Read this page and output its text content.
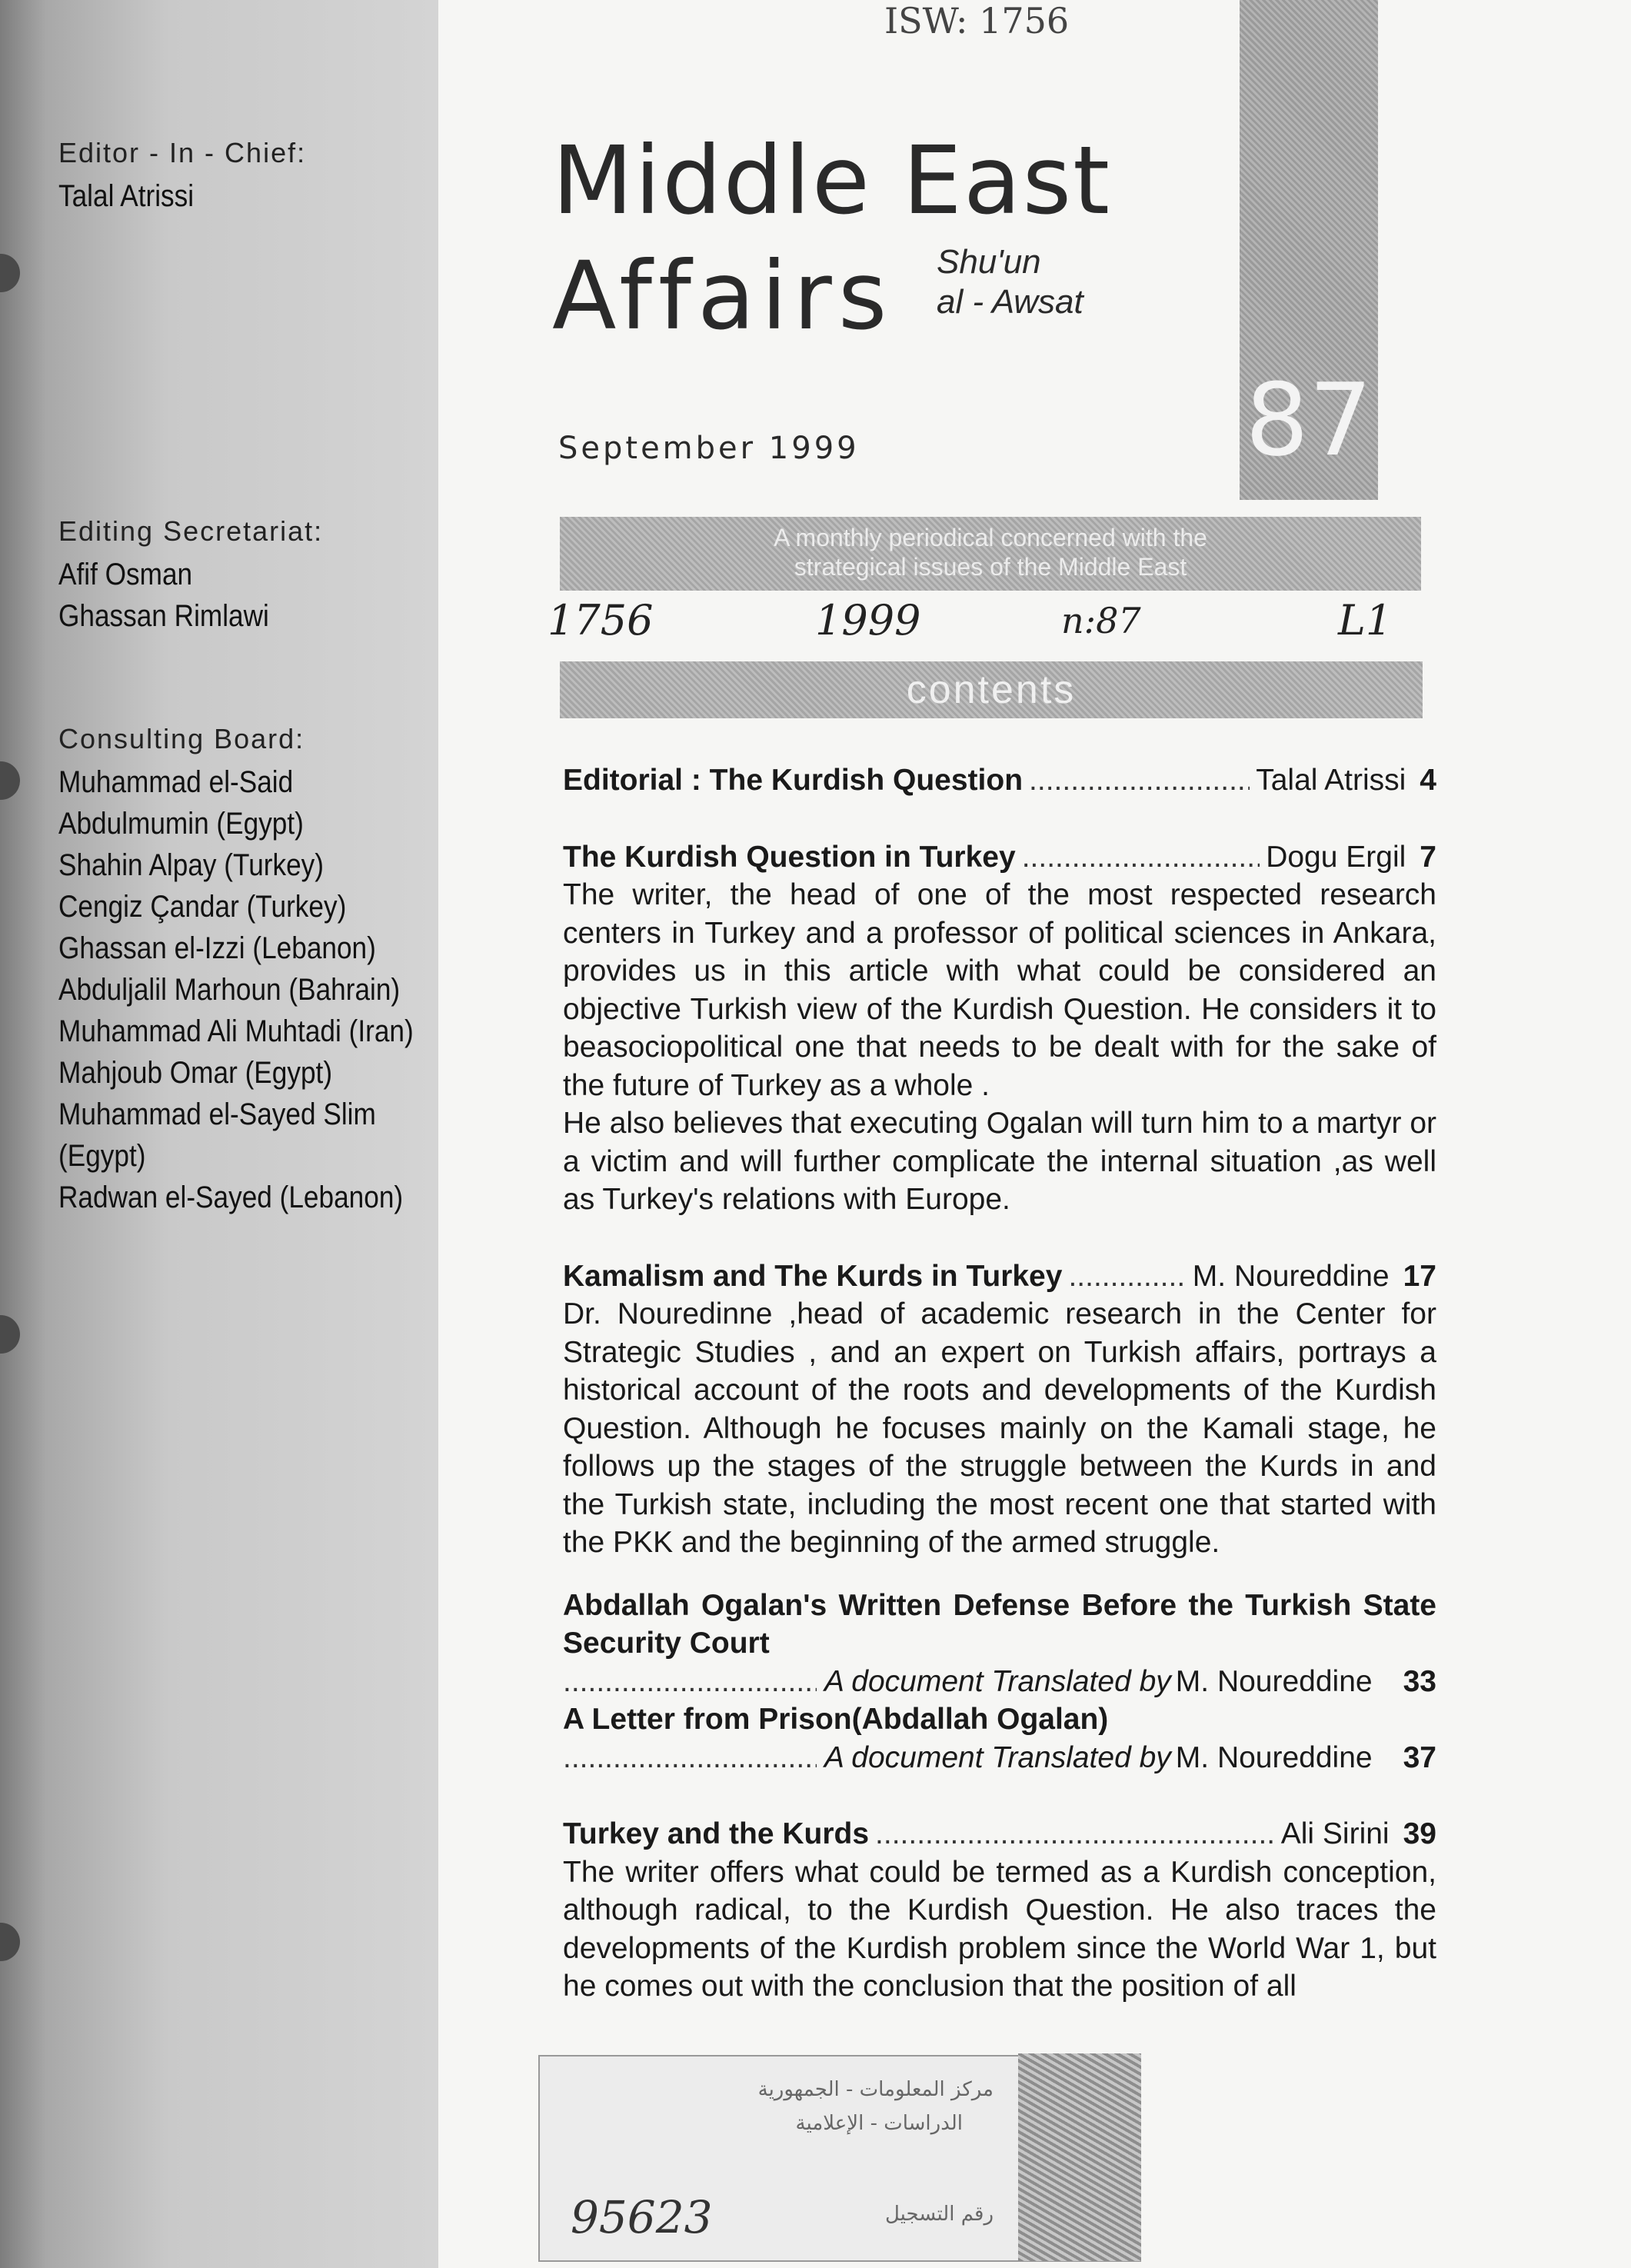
Editor - In - Chief:
Talal Atrissi
Editing Secretariat:
Afif Osman
Ghassan Rimlawi
Consulting Board:
Muhammad el-Said
Abdulmumin (Egypt)
Shahin Alpay (Turkey)
Cengiz Çandar (Turkey)
Ghassan el-Izzi (Lebanon)
Abduljalil Marhoun (Bahrain)
Muhammad Ali Muhtadi (Iran)
Mahjoub Omar (Egypt)
Muhammad el-Sayed Slim
(Egypt)
Radwan el-Sayed (Lebanon)
ISW: 1756
87
Middle East
Affairs Shu'un
al - Awsat
September 1999
A monthly periodical concerned with the
strategical issues of the Middle East
1756	1999	n:87	L1
contents
Editorial : The Kurdish Question .....	Talal Atrissi 4
The Kurdish Question in Turkey .....	Dogu Ergil 7
The writer, the head of one of the most respected research centers in Turkey and a professor of political sciences in Ankara, provides us in this article with what could be considered an objective Turkish view of the Kurdish Question. He considers it to beasociopolitical one that needs to be dealt with for the sake of the future of Turkey as a whole .
He also believes that executing Ogalan will turn him to a martyr or a victim and will further complicate the internal situation ,as well as Turkey's relations with Europe.
Kamalism and The Kurds in Turkey .....	M. Noureddine 17
Dr. Nouredinne ,head of academic research in the Center for Strategic Studies , and an expert on Turkish affairs, portrays a historical account of the roots and developments of the Kurdish Question. Although he focuses mainly on the Kamali stage, he follows up the stages of the struggle between the Kurds in and the Turkish state, including the most recent one that started with the PKK and the beginning of the armed struggle.
Abdallah Ogalan's Written Defense Before the Turkish State Security Court
.....
A document Translated by M. Noureddine 33
A Letter from Prison(Abdallah Ogalan)
.....
A document Translated by M. Noureddine 37
Turkey and the Kurds .....	Ali Sirini 39
The writer offers what could be termed as a Kurdish conception, although radical, to the Kurdish Question. He also traces the developments of the Kurdish problem since the World War 1, but he comes out with the conclusion that the position of all
مركز المعلومات - الجمهورية
الدراسات - الإعلامية
رقم التسجيل
95623
